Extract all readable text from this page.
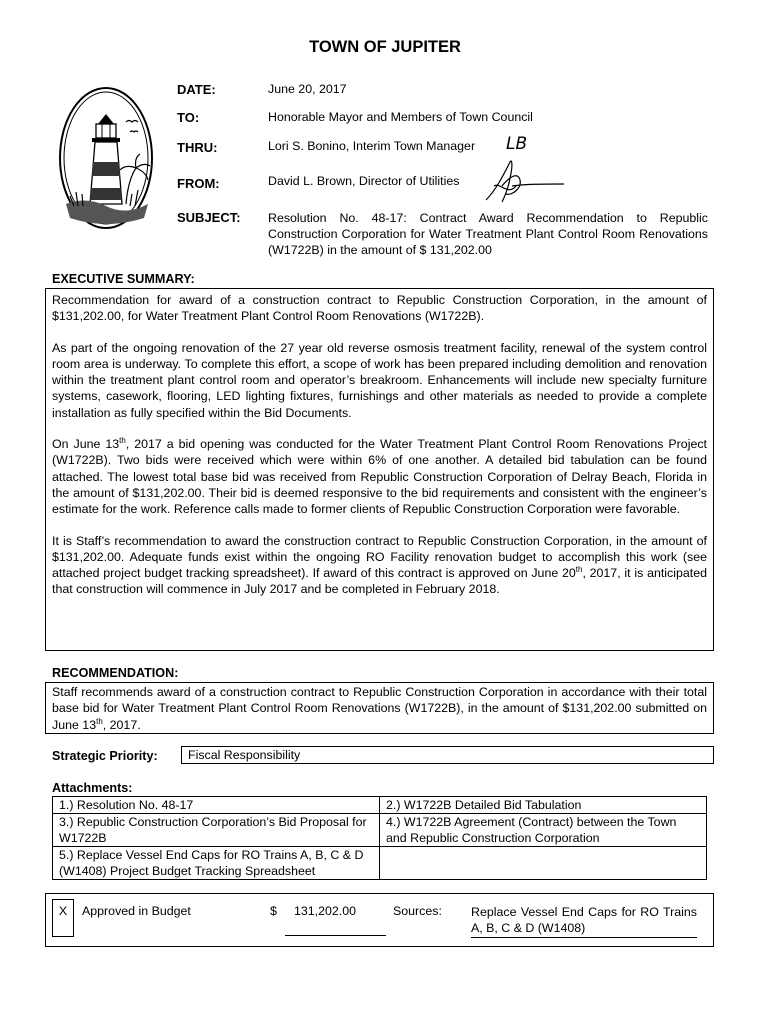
TOWN OF JUPITER
DATE:	June 20, 2017
TO:	Honorable Mayor and Members of Town Council
THRU:	Lori S. Bonino, Interim Town Manager LB
FROM:	David L. Brown, Director of Utilities
SUBJECT: Resolution No. 48-17: Contract Award Recommendation to Republic Construction Corporation for Water Treatment Plant Control Room Renovations (W1722B) in the amount of $ 131,202.00
EXECUTIVE SUMMARY:

Recommendation for award of a construction contract to Republic Construction Corporation, in the amount of $131,202.00, for Water Treatment Plant Control Room Renovations (W1722B).

As part of the ongoing renovation of the 27 year old reverse osmosis treatment facility, renewal of the system control room area is underway. To complete this effort, a scope of work has been prepared including demolition and renovation within the treatment plant control room and operator’s breakroom. Enhancements will include new specialty furniture systems, casework, flooring, LED lighting fixtures, furnishings and other materials as needed to provide a complete installation as fully specified within the Bid Documents.

On June 13th, 2017 a bid opening was conducted for the Water Treatment Plant Control Room Renovations Project (W1722B). Two bids were received which were within 6% of one another. A detailed bid tabulation can be found attached. The lowest total base bid was received from Republic Construction Corporation of Delray Beach, Florida in the amount of $131,202.00. Their bid is deemed responsive to the bid requirements and consistent with the engineer’s estimate for the work. Reference calls made to former clients of Republic Construction Corporation were favorable.

It is Staff’s recommendation to award the construction contract to Republic Construction Corporation, in the amount of $131,202.00. Adequate funds exist within the ongoing RO Facility renovation budget to accomplish this work (see attached project budget tracking spreadsheet). If award of this contract is approved on June 20th, 2017, it is anticipated that construction will commence in July 2017 and be completed in February 2018.

RECOMMENDATION:

Staff recommends award of a construction contract to Republic Construction Corporation in accordance with their total base bid for Water Treatment Plant Control Room Renovations (W1722B), in the amount of $131,202.00 submitted on June 13th, 2017.

Strategic Priority:	Fiscal Responsibility
Attachments:
1.) Resolution No. 48-17	2.) W1722B Detailed Bid Tabulation
3.) Republic Construction Corporation’s Bid Proposal for W1722B	4.) W1722B Agreement (Contract) between the Town and Republic Construction Corporation
5.) Replace Vessel End Caps for RO Trains A, B, C & D (W1408) Project Budget Tracking Spreadsheet	
X	Approved in Budget	$ 131,202.00	Sources: Replace Vessel End Caps for RO Trains A, B, C & D (W1408)
